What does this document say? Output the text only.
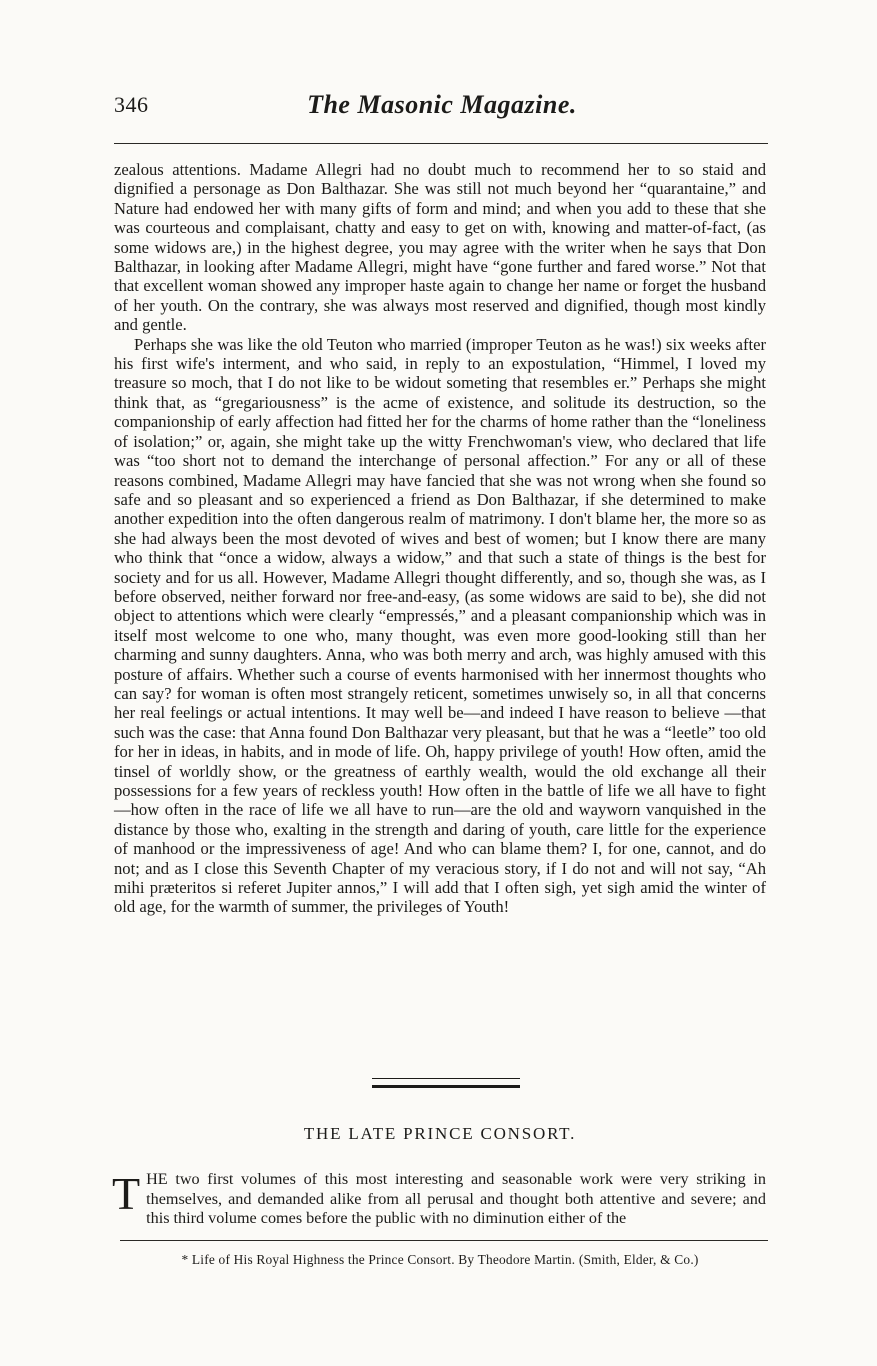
346	The Masonic Magazine.

zealous attentions. Madame Allegri had no doubt much to recommend her to so staid and dignified a personage as Don Balthazar. She was still not much beyond her “quarantaine,” and Nature had endowed her with many gifts of form and mind; and when you add to these that she was courteous and complaisant, chatty and easy to get on with, knowing and matter-of-fact, (as some widows are,) in the highest degree, you may agree with the writer when he says that Don Balthazar, in looking after Madame Allegri, might have “gone further and fared worse.” Not that that excellent woman showed any improper haste again to change her name or forget the husband of her youth. On the contrary, she was always most reserved and dignified, though most kindly and gentle.

Perhaps she was like the old Teuton who married (improper Teuton as he was!) six weeks after his first wife's interment, and who said, in reply to an expostulation, “Himmel, I loved my treasure so moch, that I do not like to be widout someting that resembles er.” Perhaps she might think that, as “gregariousness” is the acme of existence, and solitude its destruction, so the companionship of early affection had fitted her for the charms of home rather than the “loneliness of isolation;” or, again, she might take up the witty Frenchwoman's view, who declared that life was “too short not to demand the interchange of personal affection.” For any or all of these reasons combined, Madame Allegri may have fancied that she was not wrong when she found so safe and so pleasant and so experienced a friend as Don Balthazar, if she determined to make another expedition into the often dangerous realm of matrimony. I don't blame her, the more so as she had always been the most devoted of wives and best of women; but I know there are many who think that “once a widow, always a widow,” and that such a state of things is the best for society and for us all. However, Madame Allegri thought differently, and so, though she was, as I before observed, neither forward nor free-and-easy, (as some widows are said to be), she did not object to attentions which were clearly “empressés,” and a pleasant companionship which was in itself most welcome to one who, many thought, was even more good-looking still than her charming and sunny daughters. Anna, who was both merry and arch, was highly amused with this posture of affairs. Whether such a course of events harmonised with her innermost thoughts who can say? for woman is often most strangely reticent, sometimes unwisely so, in all that concerns her real feelings or actual intentions. It may well be—and indeed I have reason to believe —that such was the case: that Anna found Don Balthazar very pleasant, but that he was a “leetle” too old for her in ideas, in habits, and in mode of life. Oh, happy privilege of youth! How often, amid the tinsel of worldly show, or the greatness of earthly wealth, would the old exchange all their possessions for a few years of reckless youth! How often in the battle of life we all have to fight—how often in the race of life we all have to run—are the old and wayworn vanquished in the distance by those who, exalting in the strength and daring of youth, care little for the experience of manhood or the impressiveness of age! And who can blame them? I, for one, cannot, and do not; and as I close this Seventh Chapter of my veracious story, if I do not and will not say, “Ah mihi præteritos si referet Jupiter annos,” I will add that I often sigh, yet sigh amid the winter of old age, for the warmth of summer, the privileges of Youth!

THE LATE PRINCE CONSORT.

THE two first volumes of this most interesting and seasonable work were very striking in themselves, and demanded alike from all perusal and thought both attentive and severe; and this third volume comes before the public with no diminution either of the

* Life of His Royal Highness the Prince Consort. By Theodore Martin. (Smith, Elder, & Co.)
